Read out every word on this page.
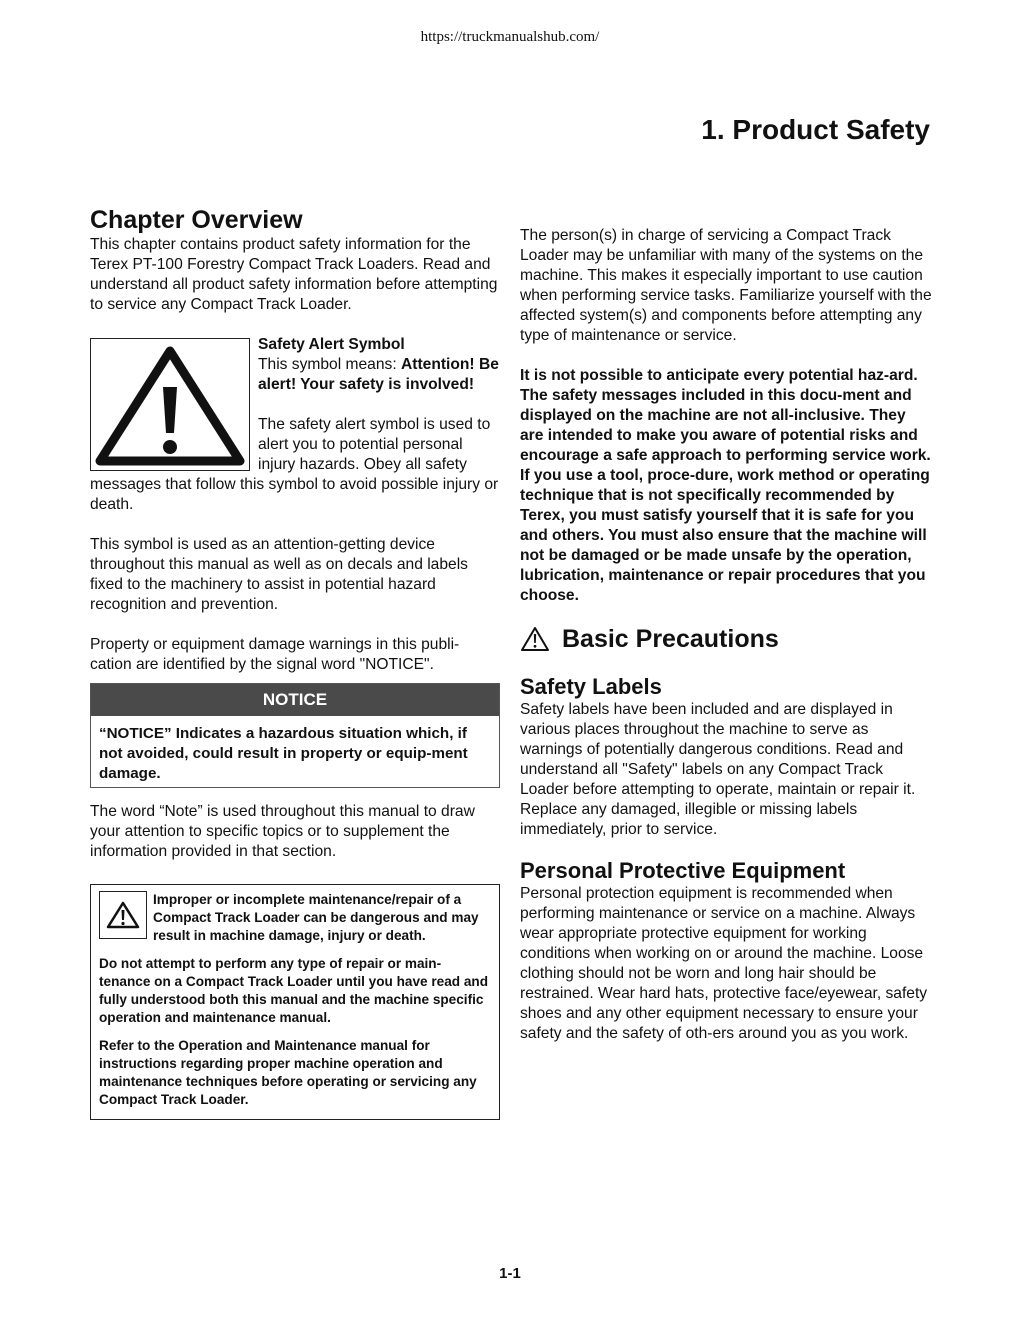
https://truckmanualshub.com/
1. Product Safety
Chapter Overview

This chapter contains product safety information for the Terex PT-100 Forestry Compact Track Loaders. Read and understand all product safety information before attempting to service any Compact Track Loader.

Safety Alert Symbol

This symbol means: Attention! Be alert! Your safety is involved!

The safety alert symbol is used to alert you to potential personal injury hazards. Obey all safety messages that follow this symbol to avoid possible injury or death.

This symbol is used as an attention-getting device throughout this manual as well as on decals and labels fixed to the machinery to assist in potential hazard recognition and prevention.

Property or equipment damage warnings in this publi-cation are identified by the signal word "NOTICE".

NOTICE
“NOTICE” Indicates a hazardous situation which, if not avoided, could result in property or equip-ment damage.

The word “Note” is used throughout this manual to draw your attention to specific topics or to supplement the information provided in that section.

Improper or incomplete maintenance/repair of a Compact Track Loader can be dangerous and may result in machine damage, injury or death.

Do not attempt to perform any type of repair or main-tenance on a Compact Track Loader until you have read and fully understood both this manual and the machine specific operation and maintenance manual.

Refer to the Operation and Maintenance manual for instructions regarding proper machine operation and maintenance techniques before operating or servicing any Compact Track Loader.

The person(s) in charge of servicing a Compact Track Loader may be unfamiliar with many of the systems on the machine. This makes it especially important to use caution when performing service tasks. Familiarize yourself with the affected system(s) and components before attempting any type of maintenance or service.

It is not possible to anticipate every potential haz-ard. The safety messages included in this docu-ment and displayed on the machine are not all-inclusive. They are intended to make you aware of potential risks and encourage a safe approach to performing service work. If you use a tool, proce-dure, work method or operating technique that is not specifically recommended by Terex, you must satisfy yourself that it is safe for you and others. You must also ensure that the machine will not be damaged or be made unsafe by the operation, lubrication, maintenance or repair procedures that you choose.

Basic Precautions
Safety Labels

Safety labels have been included and are displayed in various places throughout the machine to serve as warnings of potentially dangerous conditions. Read and understand all "Safety" labels on any Compact Track Loader before attempting to operate, maintain or repair it. Replace any damaged, illegible or missing labels immediately, prior to service.

Personal Protective Equipment

Personal protection equipment is recommended when performing maintenance or service on a machine. Always wear appropriate protective equipment for working conditions when working on or around the machine. Loose clothing should not be worn and long hair should be restrained. Wear hard hats, protective face/eyewear, safety shoes and any other equipment necessary to ensure your safety and the safety of oth-ers around you as you work.

1-1
